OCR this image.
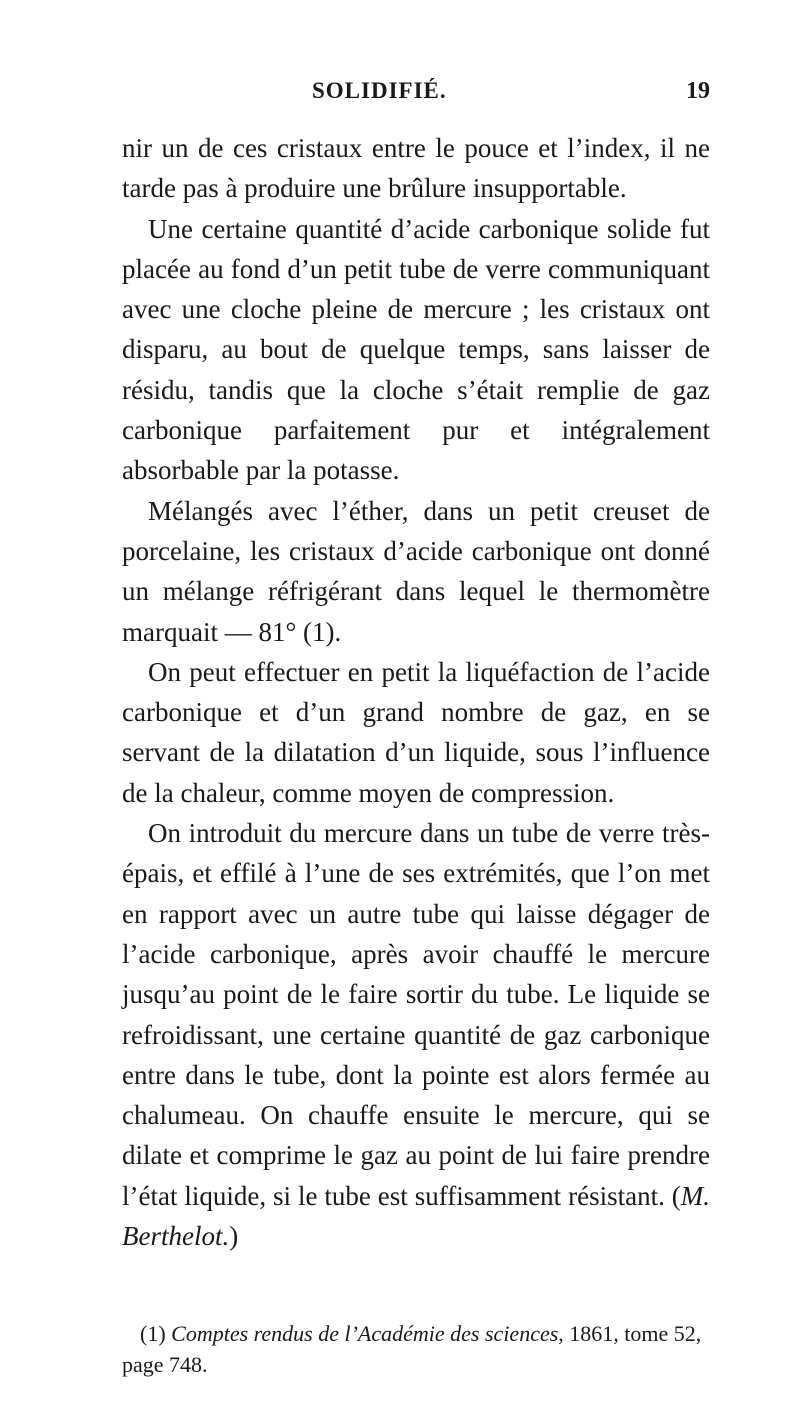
SOLIDIFIÉ.	19

nir un de ces cristaux entre le pouce et l’index, il ne tarde pas à produire une brûlure insupportable.

Une certaine quantité d’acide carbonique solide fut placée au fond d’un petit tube de verre communiquant avec une cloche pleine de mercure ; les cristaux ont disparu, au bout de quelque temps, sans laisser de résidu, tandis que la cloche s’était remplie de gaz carbonique parfaitement pur et intégralement absorbable par la potasse.

Mélangés avec l’éther, dans un petit creuset de porcelaine, les cristaux d’acide carbonique ont donné un mélange réfrigérant dans lequel le thermomètre marquait — 81° (1).

On peut effectuer en petit la liquéfaction de l’acide carbonique et d’un grand nombre de gaz, en se servant de la dilatation d’un liquide, sous l’influence de la chaleur, comme moyen de compression.

On introduit du mercure dans un tube de verre très-épais, et effilé à l’une de ses extrémités, que l’on met en rapport avec un autre tube qui laisse dégager de l’acide carbonique, après avoir chauffé le mercure jusqu’au point de le faire sortir du tube. Le liquide se refroidissant, une certaine quantité de gaz carbonique entre dans le tube, dont la pointe est alors fermée au chalumeau. On chauffe ensuite le mercure, qui se dilate et comprime le gaz au point de lui faire prendre l’état liquide, si le tube est suffisamment résistant. (M. Berthelot.)

(1) Comptes rendus de l’Académie des sciences, 1861, tome 52, page 748.
